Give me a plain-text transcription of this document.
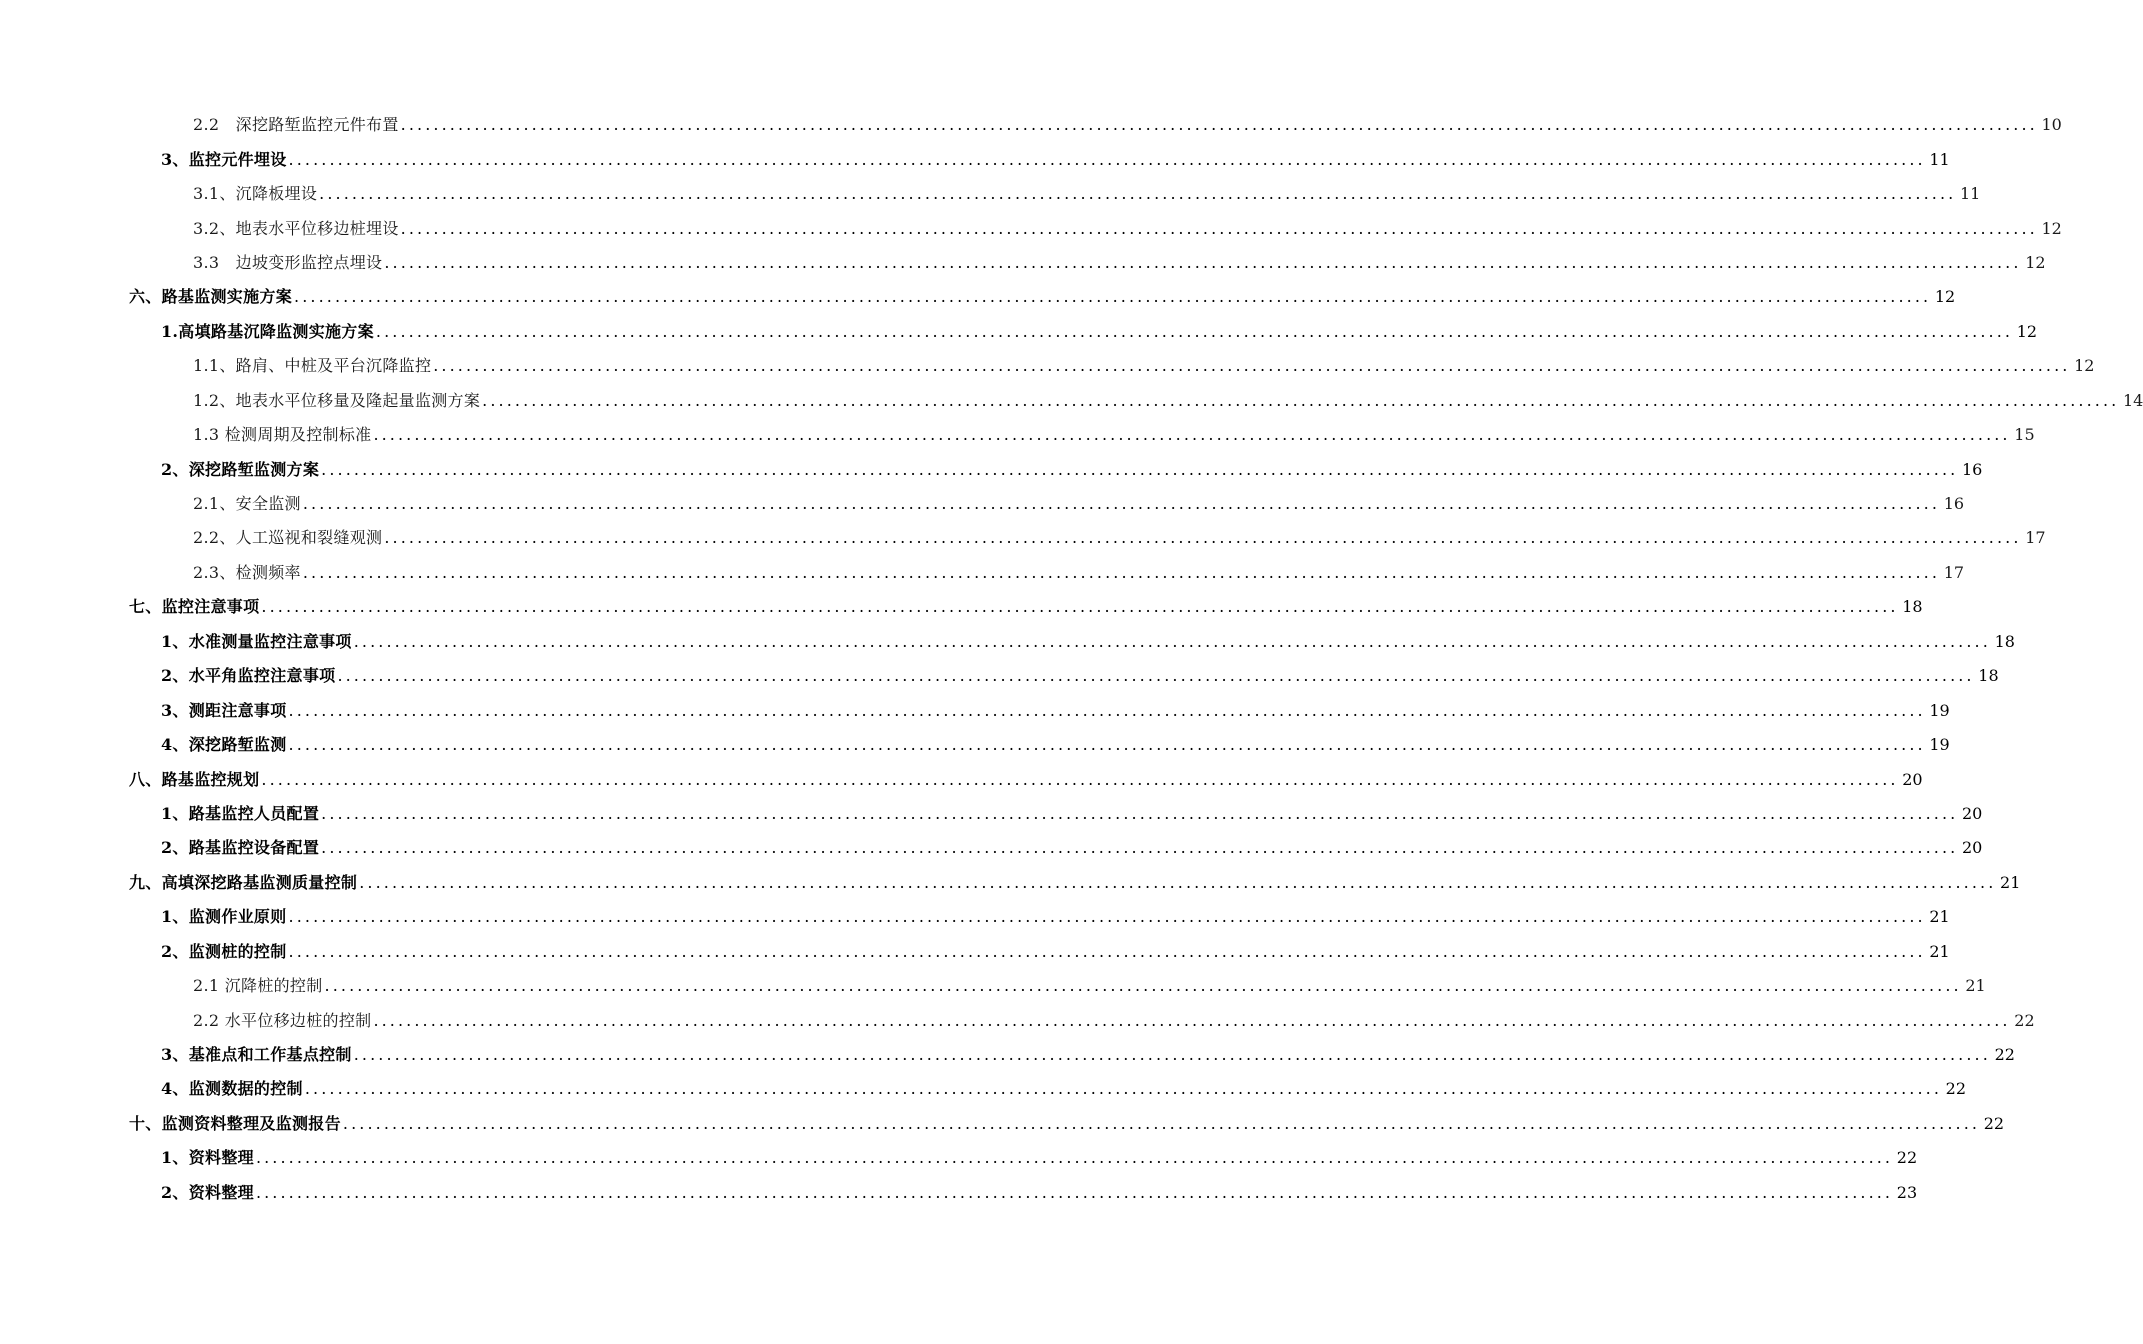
2.2　深挖路堑监控元件布置 ........................................................................................................................................................................................................ 10
3、监控元件埋设 ........................................................................................................................................................................................................ 11
3.1、沉降板埋设 ........................................................................................................................................................................................................ 11
3.2、地表水平位移边桩埋设 ........................................................................................................................................................................................................ 12
3.3　边坡变形监控点埋设 ........................................................................................................................................................................................................ 12
六、路基监测实施方案 ........................................................................................................................................................................................................ 12
1.高填路基沉降监测实施方案 ........................................................................................................................................................................................................ 12
1.1、路肩、中桩及平台沉降监控 ........................................................................................................................................................................................................ 12
1.2、地表水平位移量及隆起量监测方案 ........................................................................................................................................................................................................ 14
1.3 检测周期及控制标准 ........................................................................................................................................................................................................ 15
2、深挖路堑监测方案 ........................................................................................................................................................................................................ 16
2.1、安全监测 ........................................................................................................................................................................................................ 16
2.2、人工巡视和裂缝观测 ........................................................................................................................................................................................................ 17
2.3、检测频率 ........................................................................................................................................................................................................ 17
七、监控注意事项 ........................................................................................................................................................................................................ 18
1、水准测量监控注意事项 ........................................................................................................................................................................................................ 18
2、水平角监控注意事项 ........................................................................................................................................................................................................ 18
3、测距注意事项 ........................................................................................................................................................................................................ 19
4、深挖路堑监测 ........................................................................................................................................................................................................ 19
八、路基监控规划 ........................................................................................................................................................................................................ 20
1、路基监控人员配置 ........................................................................................................................................................................................................ 20
2、路基监控设备配置 ........................................................................................................................................................................................................ 20
九、高填深挖路基监测质量控制 ........................................................................................................................................................................................................ 21
1、监测作业原则 ........................................................................................................................................................................................................ 21
2、监测桩的控制 ........................................................................................................................................................................................................ 21
2.1 沉降桩的控制 ........................................................................................................................................................................................................ 21
2.2 水平位移边桩的控制 ........................................................................................................................................................................................................ 22
3、基准点和工作基点控制 ........................................................................................................................................................................................................ 22
4、监测数据的控制 ........................................................................................................................................................................................................ 22
十、监测资料整理及监测报告 ........................................................................................................................................................................................................ 22
1、资料整理 ........................................................................................................................................................................................................ 22
2、资料整理 ........................................................................................................................................................................................................ 23
